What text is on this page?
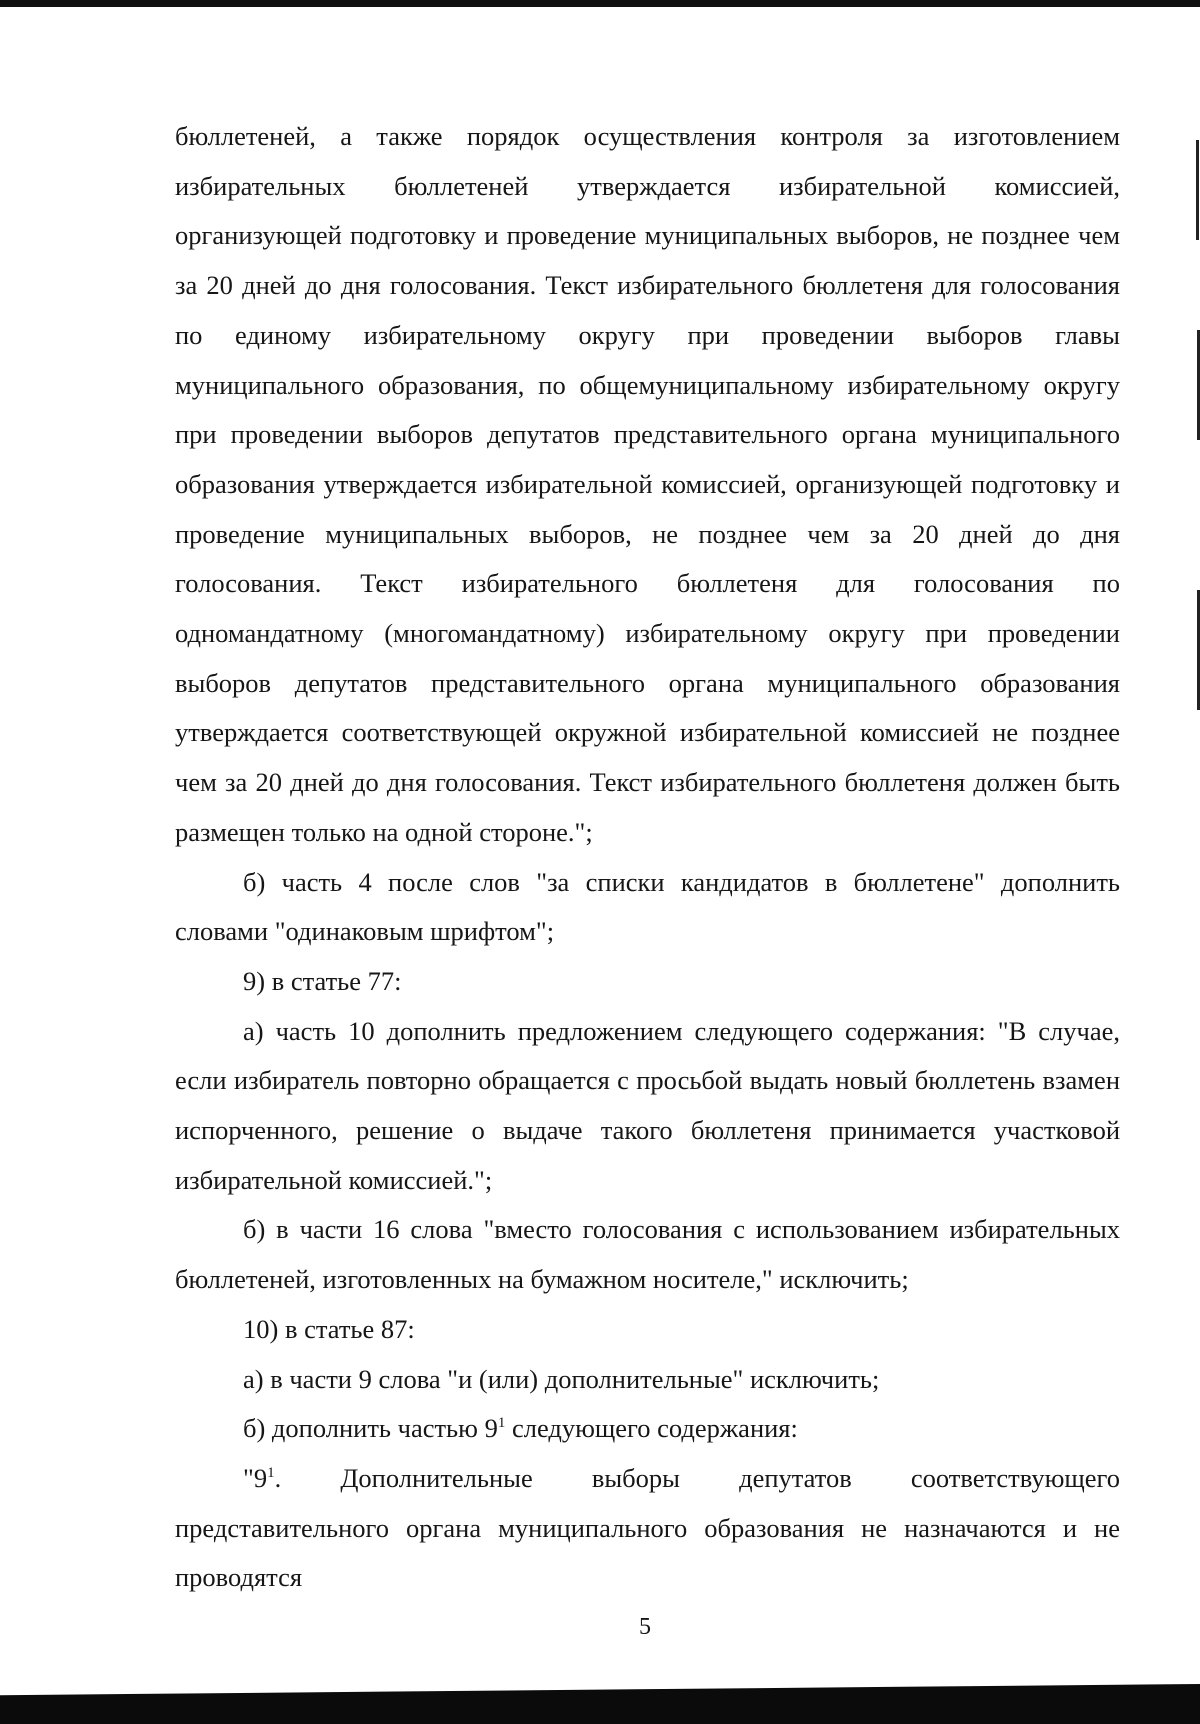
бюллетеней, а также порядок осуществления контроля за изготовлением избирательных бюллетеней утверждается избирательной комиссией, организующей подготовку и проведение муниципальных выборов, не позднее чем за 20 дней до дня голосования. Текст избирательного бюллетеня для голосования по единому избирательному округу при проведении выборов главы муниципального образования, по общемуниципальному избирательному округу при проведении выборов депутатов представительного органа муниципального образования утверждается избирательной комиссией, организующей подготовку и проведение муниципальных выборов, не позднее чем за 20 дней до дня голосования. Текст избирательного бюллетеня для голосования по одномандатному (многомандатному) избирательному округу при проведении выборов депутатов представительного органа муниципального образования утверждается соответствующей окружной избирательной комиссией не позднее чем за 20 дней до дня голосования. Текст избирательного бюллетеня должен быть размещен только на одной стороне.";

б) часть 4 после слов "за списки кандидатов в бюллетене" дополнить словами "одинаковым шрифтом";

9) в статье 77:

а) часть 10 дополнить предложением следующего содержания: "В случае, если избиратель повторно обращается с просьбой выдать новый бюллетень взамен испорченного, решение о выдаче такого бюллетеня принимается участковой избирательной комиссией.";

б) в части 16 слова "вместо голосования с использованием избирательных бюллетеней, изготовленных на бумажном носителе," исключить;

10) в статье 87:

а) в части 9 слова "и (или) дополнительные" исключить;

б) дополнить частью $9^1$ следующего содержания:

"$9^1$. Дополнительные выборы депутатов соответствующего представительного органа муниципального образования не назначаются и не проводятся

5
